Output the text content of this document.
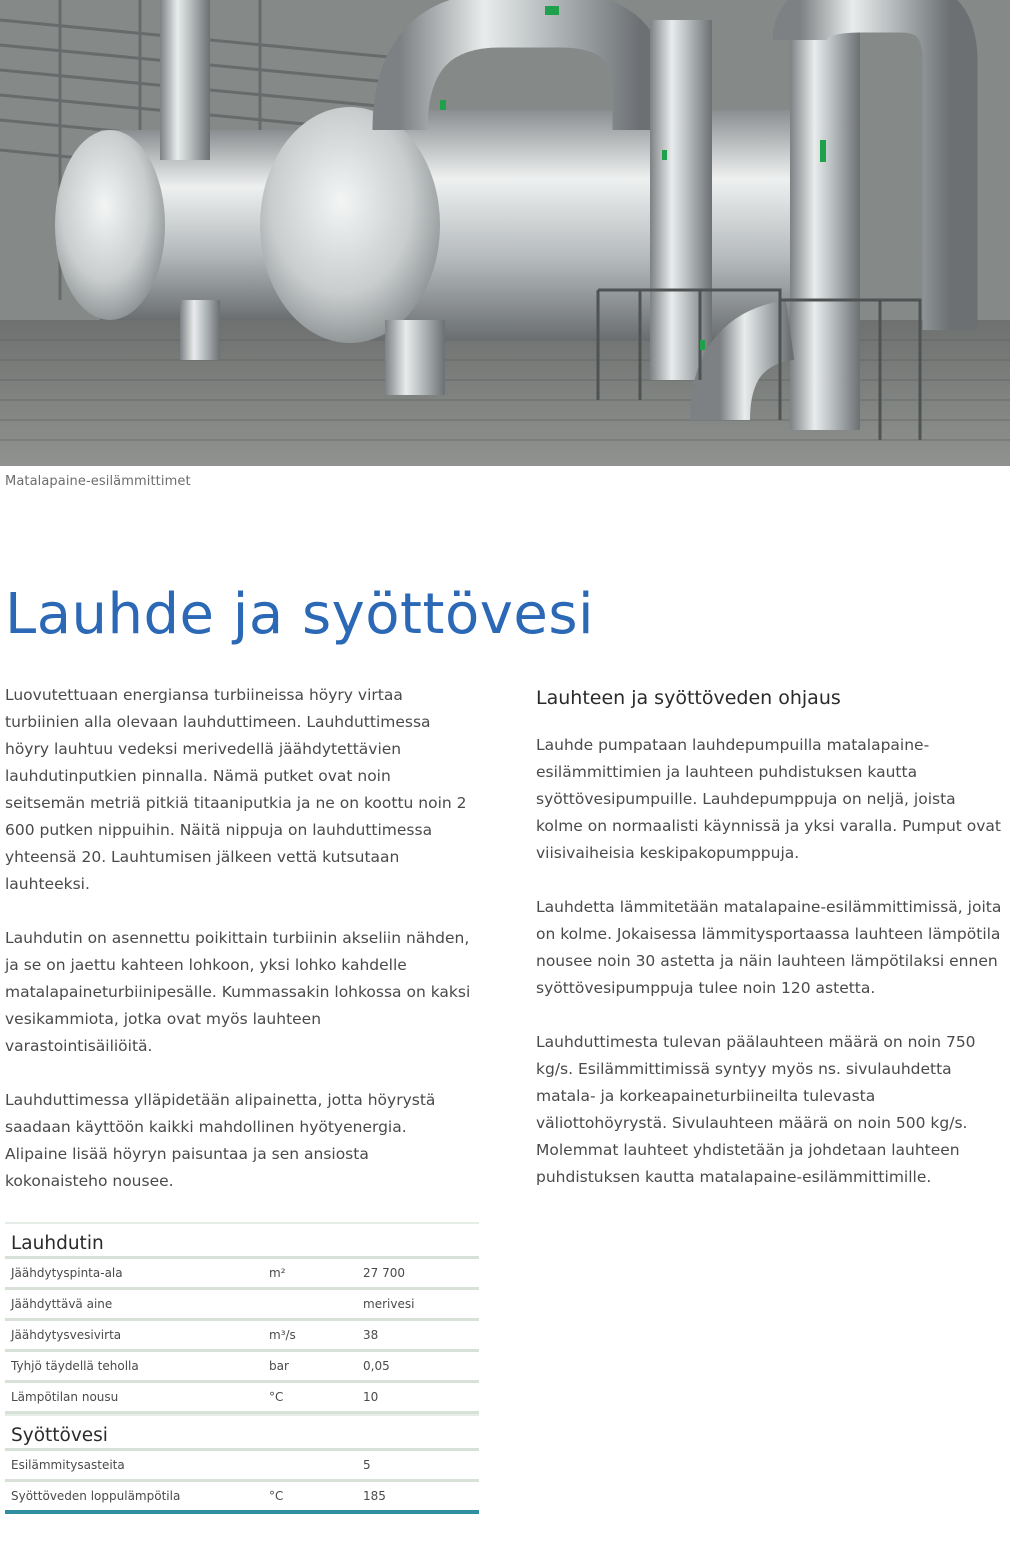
Matalapaine-esilämmittimet
Lauhde ja syöttövesi

Luovutettuaan energiansa turbiineissa höyry virtaa turbiinien alla olevaan lauhduttimeen. Lauhduttimessa höyry lauhtuu vedeksi merivedellä jäähdytettävien lauhdutinputkien pinnalla. Nämä putket ovat noin seitsemän metriä pitkiä titaaniputkia ja ne on koottu noin 2 600 putken nippuihin. Näitä nippuja on lauhduttimessa yhteensä 20. Lauhtumisen jälkeen vettä kutsutaan lauhteeksi.

Lauhdutin on asennettu poikittain turbiinin akseliin nähden, ja se on jaettu kahteen lohkoon, yksi lohko kahdelle matalapaineturbiinipesälle. Kummassakin lohkossa on kaksi vesikammiota, jotka ovat myös lauhteen varastointisäiliöitä.

Lauhduttimessa ylläpidetään alipainetta, jotta höyrystä saadaan käyttöön kaikki mahdollinen hyötyenergia. Alipaine lisää höyryn paisuntaa ja sen ansiosta kokonaisteho nousee.

Lauhteen ja syöttöveden ohjaus

Lauhde pumpataan lauhdepumpuilla matalapaine-esilämmittimien ja lauhteen puhdistuksen kautta syöttövesipumpuille. Lauhdepumppuja on neljä, joista kolme on normaalisti käynnissä ja yksi varalla. Pumput ovat viisivaiheisia keskipakopumppuja.

Lauhdetta lämmitetään matalapaine-esilämmittimissä, joita on kolme. Jokaisessa lämmitysportaassa lauhteen lämpötila nousee noin 30 astetta ja näin lauhteen lämpötilaksi ennen syöttövesipumppuja tulee noin 120 astetta.

Lauhduttimesta tulevan päälauhteen määrä on noin 750 kg/s. Esilämmittimissä syntyy myös ns. sivulauhdetta matala- ja korkeapaineturbiineilta tulevasta väliottohöyrystä. Sivulauhteen määrä on noin 500 kg/s. Molemmat lauhteet yhdistetään ja johdetaan lauhteen puhdistuksen kautta matalapaine-esilämmittimille.

Lauhdutin
Jäähdytyspinta-ala	m²	27 700
Jäähdyttävä aine		merivesi
Jäähdytysvesivirta	m³/s	38
Tyhjö täydellä teholla	bar	0,05
Lämpötilan nousu	°C	10
Syöttövesi
Esilämmitysasteita		5
Syöttöveden loppulämpötila	°C	185
